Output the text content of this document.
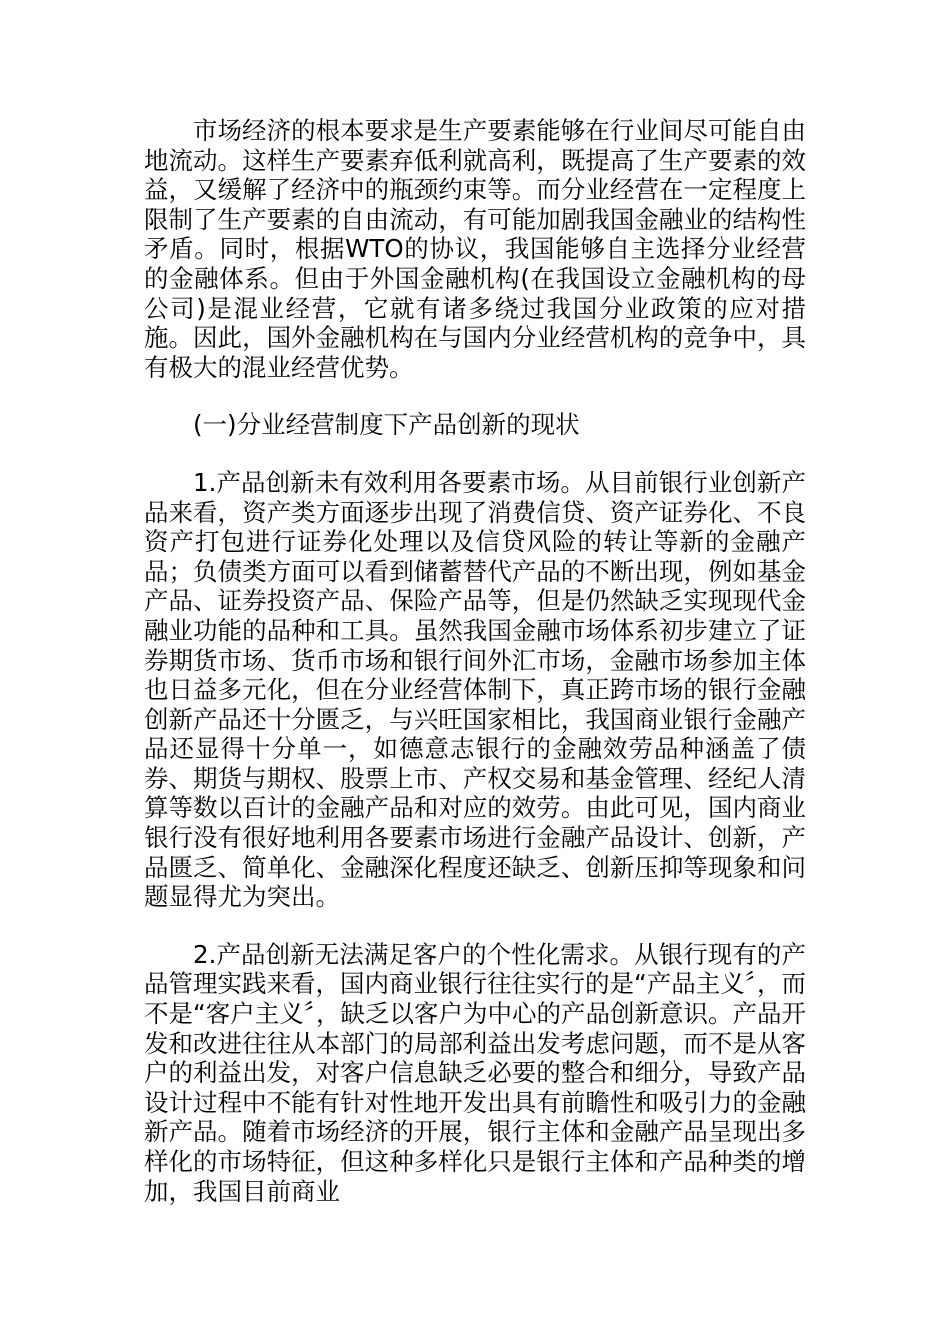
市场经济的根本要求是生产要素能够在行业间尽可能自由地流动。这样生产要素弃低利就高利，既提高了生产要素的效益，又缓解了经济中的瓶颈约束等。而分业经营在一定程度上限制了生产要素的自由流动，有可能加剧我国金融业的结构性矛盾。同时，根据WTO的协议，我国能够自主选择分业经营的金融体系。但由于外国金融机构(在我国设立金融机构的母公司)是混业经营，它就有诸多绕过我国分业政策的应对措施。因此，国外金融机构在与国内分业经营机构的竞争中，具有极大的混业经营优势。

(一)分业经营制度下产品创新的现状

1.产品创新未有效利用各要素市场。从目前银行业创新产品来看，资产类方面逐步出现了消费信贷、资产证券化、不良资产打包进行证券化处理以及信贷风险的转让等新的金融产品；负债类方面可以看到储蓄替代产品的不断出现，例如基金产品、证券投资产品、保险产品等，但是仍然缺乏实现现代金融业功能的品种和工具。虽然我国金融市场体系初步建立了证券期货市场、货币市场和银行间外汇市场，金融市场参加主体也日益多元化，但在分业经营体制下，真正跨市场的银行金融创新产品还十分匮乏，与兴旺国家相比，我国商业银行金融产品还显得十分单一，如德意志银行的金融效劳品种涵盖了债券、期货与期权、股票上市、产权交易和基金管理、经纪人清算等数以百计的金融产品和对应的效劳。由此可见，国内商业银行没有很好地利用各要素市场进行金融产品设计、创新，产品匮乏、简单化、金融深化程度还缺乏、创新压抑等现象和问题显得尤为突出。

2.产品创新无法满足客户的个性化需求。从银行现有的产品管理实践来看，国内商业银行往往实行的是“产品主义〞，而不是“客户主义〞，缺乏以客户为中心的产品创新意识。产品开发和改进往往从本部门的局部利益出发考虑问题，而不是从客户的利益出发，对客户信息缺乏必要的整合和细分，导致产品设计过程中不能有针对性地开发出具有前瞻性和吸引力的金融新产品。随着市场经济的开展，银行主体和金融产品呈现出多样化的市场特征，但这种多样化只是银行主体和产品种类的增加，我国目前商业
